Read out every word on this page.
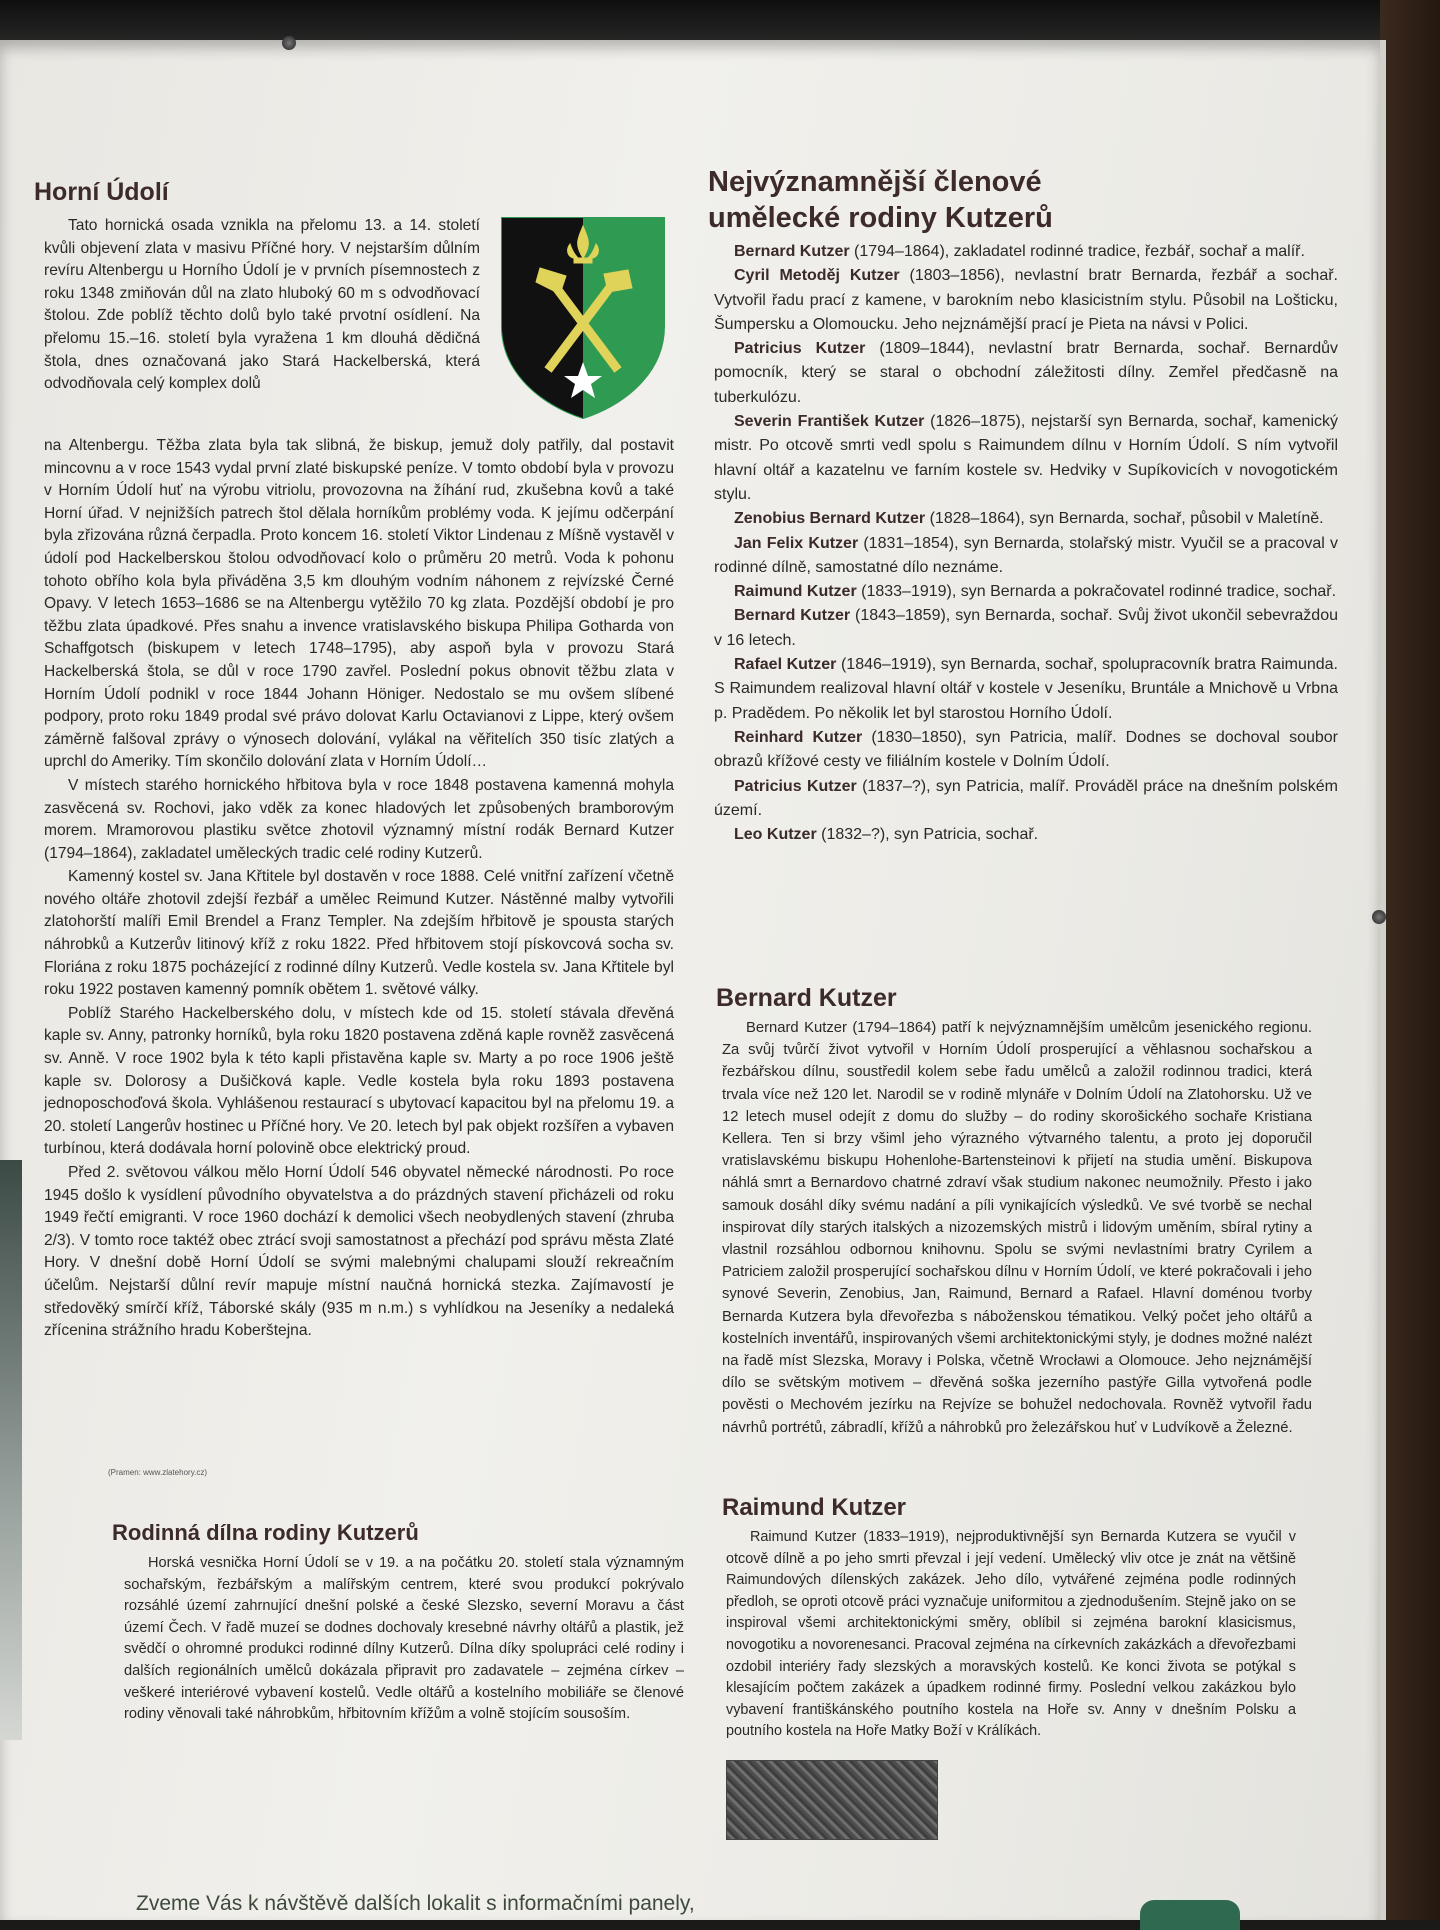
Horní Údolí

Tato hornická osada vznikla na přelomu 13. a 14. století kvůli objevení zlata v masivu Příčné hory. V nejstarším důlním revíru Altenbergu u Horního Údolí je v prvních písemnostech z roku 1348 zmiňován důl na zlato hluboký 60 m s odvodňovací štolou. Zde poblíž těchto dolů bylo také prvotní osídlení. Na přelomu 15.–16. století byla vyražena 1 km dlouhá dědičná štola, dnes označovaná jako Stará Hackelberská, která odvodňovala celý komplex dolů

na Altenbergu. Těžba zlata byla tak slibná, že biskup, jemuž doly patřily, dal postavit mincovnu a v roce 1543 vydal první zlaté biskupské peníze. V tomto období byla v provozu v Horním Údolí huť na výrobu vitriolu, provozovna na žíhání rud, zkušebna kovů a také Horní úřad. V nejnižších patrech štol dělala horníkům problémy voda. K jejímu odčerpání byla zřizována různá čerpadla. Proto koncem 16. století Viktor Lindenau z Míšně vystavěl v údolí pod Hackelberskou štolou odvodňovací kolo o průměru 20 metrů. Voda k pohonu tohoto obřího kola byla přiváděna 3,5 km dlouhým vodním náhonem z rejvízské Černé Opavy. V letech 1653–1686 se na Altenbergu vytěžilo 70 kg zlata. Pozdější období je pro těžbu zlata úpadkové. Přes snahu a invence vratislavského biskupa Philipa Gotharda von Schaffgotsch (biskupem v letech 1748–1795), aby aspoň byla v provozu Stará Hackelberská štola, se důl v roce 1790 zavřel. Poslední pokus obnovit těžbu zlata v Horním Údolí podnikl v roce 1844 Johann Höniger. Nedostalo se mu ovšem slíbené podpory, proto roku 1849 prodal své právo dolovat Karlu Octavianovi z Lippe, který ovšem záměrně falšoval zprávy o výnosech dolování, vylákal na věřitelích 350 tisíc zlatých a uprchl do Ameriky. Tím skončilo dolování zlata v Horním Údolí…

V místech starého hornického hřbitova byla v roce 1848 postavena kamenná mohyla zasvěcená sv. Rochovi, jako vděk za konec hladových let způsobených bramborovým morem. Mramorovou plastiku světce zhotovil významný místní rodák Bernard Kutzer (1794–1864), zakladatel uměleckých tradic celé rodiny Kutzerů.

Kamenný kostel sv. Jana Křtitele byl dostavěn v roce 1888. Celé vnitřní zařízení včetně nového oltáře zhotovil zdejší řezbář a umělec Reimund Kutzer. Nástěnné malby vytvořili zlatohorští malíři Emil Brendel a Franz Templer. Na zdejším hřbitově je spousta starých náhrobků a Kutzerův litinový kříž z roku 1822. Před hřbitovem stojí pískovcová socha sv. Floriána z roku 1875 pocházející z rodinné dílny Kutzerů. Vedle kostela sv. Jana Křtitele byl roku 1922 postaven kamenný pomník obětem 1. světové války.

Poblíž Starého Hackelberského dolu, v místech kde od 15. století stávala dřevěná kaple sv. Anny, patronky horníků, byla roku 1820 postavena zděná kaple rovněž zasvěcená sv. Anně. V roce 1902 byla k této kapli přistavěna kaple sv. Marty a po roce 1906 ještě kaple sv. Dolorosy a Dušičková kaple. Vedle kostela byla roku 1893 postavena jednoposchoďová škola. Vyhlášenou restaurací s ubytovací kapacitou byl na přelomu 19. a 20. století Langerův hostinec u Příčné hory. Ve 20. letech byl pak objekt rozšířen a vybaven turbínou, která dodávala horní polovině obce elektrický proud.

Před 2. světovou válkou mělo Horní Údolí 546 obyvatel německé národnosti. Po roce 1945 došlo k vysídlení původního obyvatelstva a do prázdných stavení přicházeli od roku 1949 řečtí emigranti. V roce 1960 dochází k demolici všech neobydlených stavení (zhruba 2/3). V tomto roce taktéž obec ztrácí svoji samostatnost a přechází pod správu města Zlaté Hory. V dnešní době Horní Údolí se svými malebnými chalupami slouží rekreačním účelům. Nejstarší důlní revír mapuje místní naučná hornická stezka. Zajímavostí je středověký smírčí kříž, Táborské skály (935 m n.m.) s vyhlídkou na Jeseníky a nedaleká zřícenina strážního hradu Koberštejna.

(Pramen: www.zlatehory.cz)
Rodinná dílna rodiny Kutzerů

Horská vesnička Horní Údolí se v 19. a na počátku 20. století stala významným sochařským, řezbářským a malířským centrem, které svou produkcí pokrývalo rozsáhlé území zahrnující dnešní polské a české Slezsko, severní Moravu a část území Čech. V řadě muzeí se dodnes dochovaly kresebné návrhy oltářů a plastik, jež svědčí o ohromné produkci rodinné dílny Kutzerů. Dílna díky spolupráci celé rodiny i dalších regionálních umělců dokázala připravit pro zadavatele – zejména církev – veškeré interiérové vybavení kostelů. Vedle oltářů a kostelního mobiliáře se členové rodiny věnovali také náhrobkům, hřbitovním křížům a volně stojícím sousoším.

Nejvýznamnější členové umělecké rodiny Kutzerů
Bernard Kutzer (1794–1864), zakladatel rodinné tradice, řezbář, sochař a malíř.
Cyril Metoděj Kutzer (1803–1856), nevlastní bratr Bernarda, řezbář a sochař. Vytvořil řadu prací z kamene, v barokním nebo klasicistním stylu. Působil na Lošticku, Šumpersku a Olomoucku. Jeho nejznámější prací je Pieta na návsi v Polici.
Patricius Kutzer (1809–1844), nevlastní bratr Bernarda, sochař. Bernardův pomocník, který se staral o obchodní záležitosti dílny. Zemřel předčasně na tuberkulózu.
Severin František Kutzer (1826–1875), nejstarší syn Bernarda, sochař, kamenický mistr. Po otcově smrti vedl spolu s Raimundem dílnu v Horním Údolí. S ním vytvořil hlavní oltář a kazatelnu ve farním kostele sv. Hedviky v Supíkovicích v novogotickém stylu.
Zenobius Bernard Kutzer (1828–1864), syn Bernarda, sochař, působil v Maletíně.
Jan Felix Kutzer (1831–1854), syn Bernarda, stolařský mistr. Vyučil se a pracoval v rodinné dílně, samostatné dílo neznáme.
Raimund Kutzer (1833–1919), syn Bernarda a pokračovatel rodinné tradice, sochař.
Bernard Kutzer (1843–1859), syn Bernarda, sochař. Svůj život ukončil sebevraždou v 16 letech.
Rafael Kutzer (1846–1919), syn Bernarda, sochař, spolupracovník bratra Raimunda. S Raimundem realizoval hlavní oltář v kostele v Jeseníku, Bruntále a Mnichově u Vrbna p. Pradědem. Po několik let byl starostou Horního Údolí.
Reinhard Kutzer (1830–1850), syn Patricia, malíř. Dodnes se dochoval soubor obrazů křížové cesty ve filiálním kostele v Dolním Údolí.
Patricius Kutzer (1837–?), syn Patricia, malíř. Prováděl práce na dnešním polském území.
Leo Kutzer (1832–?), syn Patricia, sochař.
Bernard Kutzer

Bernard Kutzer (1794–1864) patří k nejvýznamnějším umělcům jesenického regionu. Za svůj tvůrčí život vytvořil v Horním Údolí prosperující a věhlasnou sochařskou a řezbářskou dílnu, soustředil kolem sebe řadu umělců a založil rodinnou tradici, která trvala více než 120 let. Narodil se v rodině mlynáře v Dolním Údolí na Zlatohorsku. Už ve 12 letech musel odejít z domu do služby – do rodiny skorošického sochaře Kristiana Kellera. Ten si brzy všiml jeho výrazného výtvarného talentu, a proto jej doporučil vratislavskému biskupu Hohenlohe-Bartensteinovi k přijetí na studia umění. Biskupova náhlá smrt a Bernardovo chatrné zdraví však studium nakonec neumožnily. Přesto i jako samouk dosáhl díky svému nadání a píli vynikajících výsledků. Ve své tvorbě se nechal inspirovat díly starých italských a nizozemských mistrů i lidovým uměním, sbíral rytiny a vlastnil rozsáhlou odbornou knihovnu. Spolu se svými nevlastními bratry Cyrilem a Patriciem založil prosperující sochařskou dílnu v Horním Údolí, ve které pokračovali i jeho synové Severin, Zenobius, Jan, Raimund, Bernard a Rafael. Hlavní doménou tvorby Bernarda Kutzera byla dřevořezba s náboženskou tématikou. Velký počet jeho oltářů a kostelních inventářů, inspirovaných všemi architektonickými styly, je dodnes možné nalézt na řadě míst Slezska, Moravy i Polska, včetně Wrocławi a Olomouce. Jeho nejznámější dílo se světským motivem – dřevěná soška jezerního pastýře Gilla vytvořená podle pověsti o Mechovém jezírku na Rejvíze se bohužel nedochovala. Rovněž vytvořil řadu návrhů portrétů, zábradlí, křížů a náhrobků pro železářskou huť v Ludvíkově a Železné.

Raimund Kutzer

Raimund Kutzer (1833–1919), nejproduktivnější syn Bernarda Kutzera se vyučil v otcově dílně a po jeho smrti převzal i její vedení. Umělecký vliv otce je znát na většině Raimundových dílenských zakázek. Jeho dílo, vytvářené zejména podle rodinných předloh, se oproti otcově práci vyznačuje uniformitou a zjednodušením. Stejně jako on se inspiroval všemi architektonickými směry, oblíbil si zejména barokní klasicismus, novogotiku a novorenesanci. Pracoval zejména na církevních zakázkách a dřevořezbami ozdobil interiéry řady slezských a moravských kostelů. Ke konci života se potýkal s klesajícím počtem zakázek a úpadkem rodinné firmy. Poslední velkou zakázkou bylo vybavení františkánského poutního kostela na Hoře sv. Anny v dnešním Polsku a poutního kostela na Hoře Matky Boží v Králíkách.

Zveme Vás k návštěvě dalších lokalit s informačními panely,
